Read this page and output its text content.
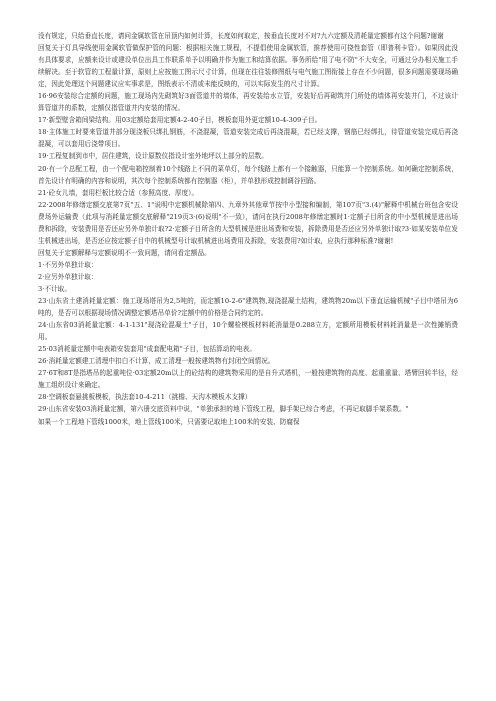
没有规定，只给垂直长度，请问金属软管在吊顶内如何计算，长度如何取定，按垂直长度对不对?九六定额及清耗量定额都有这个问题?谢谢

回复关于灯具导线使用金属软管做保护管的问题：根据相关施工规程，不提倡使用金属软管，推荐使用可挠性套管（即普利卡管）。如果因此没有具体要求，应额来设计或建设单位出具工作联系单予以明确并作为施工和结算依据。事务所给"用了电不防"不大安全，可通过分办相关施工手续解决。至于软管的工程量计算，原则上应按施工图示尺寸计算，但现在往往装修图纸与电气施工图衔接上存在不少问题，很多问题需要现场确定，因此处理这个问题建议应实事求是，图纸表示不清或未能反映的，可以实际发生的尺寸计算。

16·96安装综合定额的问题，施工现场内先砌筑好3面管道井的墙体，再安装给水立管，安装好后再砌筑井门所处的墙体再安装井门，不过该计算管道井的系数，定额仅指管道井内安装的情况。

17·新型壁含箱间梁结构。用03定额给套用定额4-2-40子目，模板套用外更定额10-4-309子目。

18·主体施工时要来管道井部分现浇板只绑扎钢筋，不浇混凝，管道安装完成后再浇混凝，若已经支撑，钢筋已经绑扎，待管道安装完成后再浇混凝，可以套用后浇带项目。

19·工程复制到市中，居住建筑，设计原数仪指设计室外地坪以上部分的层数。

20·有一个总配工程，由一个配电箱控制着10个线路上不同的菜单灯，每个线路上都有一个接触器，只能算一个控制系统。如何确定控制系统，首先设计有明确的内容和说明，其次每个控制系统都有控制器（柜），并单独形成控制调谷回路。

21·砼女儿墙，套用栏板比较合适（参照高度、厚度）。

22·2008年修缮定额交底第7页"五、1"说明中定额机械除第四、九章外其他章节按中小型接和编制，第107页"3.(4)"解释中机械台班包含安设费场外运输费（此项与消耗量定额交底解释"219页3·(6)说明"不一致），请问在执行2008年修缮定额时1·定额子目所含的中小型机械是进出场费和拆除，安装费用是否还应另外单独计取?2·定额子目所含的大型机械是进出场费和安装，拆除费用是否还应另外单独计取?3·如某安装单位发生机械进出场，是否还应按定额子目中的机械型号计取机械进出场费用及拆除，安装费用?如计取，应执行那种标准?谢谢!

回复关于定额解释与定额说明不一致问题，请问看定额品。

1·不另外单独计取：

2·应另外单独计取：

3·不计取。

23·山东省土建消耗量定额：施工现场塔吊为2,5吨的，而定额10-2-6"建筑物,现浇混凝土结构，建筑物20m以下垂直运输机械"子目中塔吊为6吨的，是否可以根据现场情况调整定额塔吊单价?定额中的价格是合同约定的。

24·山东省03消耗量定额：4-1-131"现浇砼混凝土"子目，10个螺检模板材料耗消量是0.288立方，定额所用模板材料耗消量是一次性摊销费用。

25·03消耗量定额中电表箱安装套用"成套配电箱"子目，包括算动的电表。

26·消耗量定额建工清理中扣白不计算，成工清理一般按建筑物有封闭空间情况。

27·6T和8T是指塔吊的起重吨位·03定额20m以上的砼结构的建筑物采用的是自升式塔机，一般按建筑物的高度、起重重量、塔臂回转半径，经施工组织设计来确定。

28·空调板套悬挑板模板，执法套10-4-211（挑檐、天沟木模板木支撑）

29·山东省安装03消耗量定额，第六册交底资料中说，"单独承担的地下管线工程，脚手架已综合考虑，不再记取脚手架系数。"

如果一个工程地下管线1000米，地上管线100米，只需要记取地上100米的安装、防腐保
